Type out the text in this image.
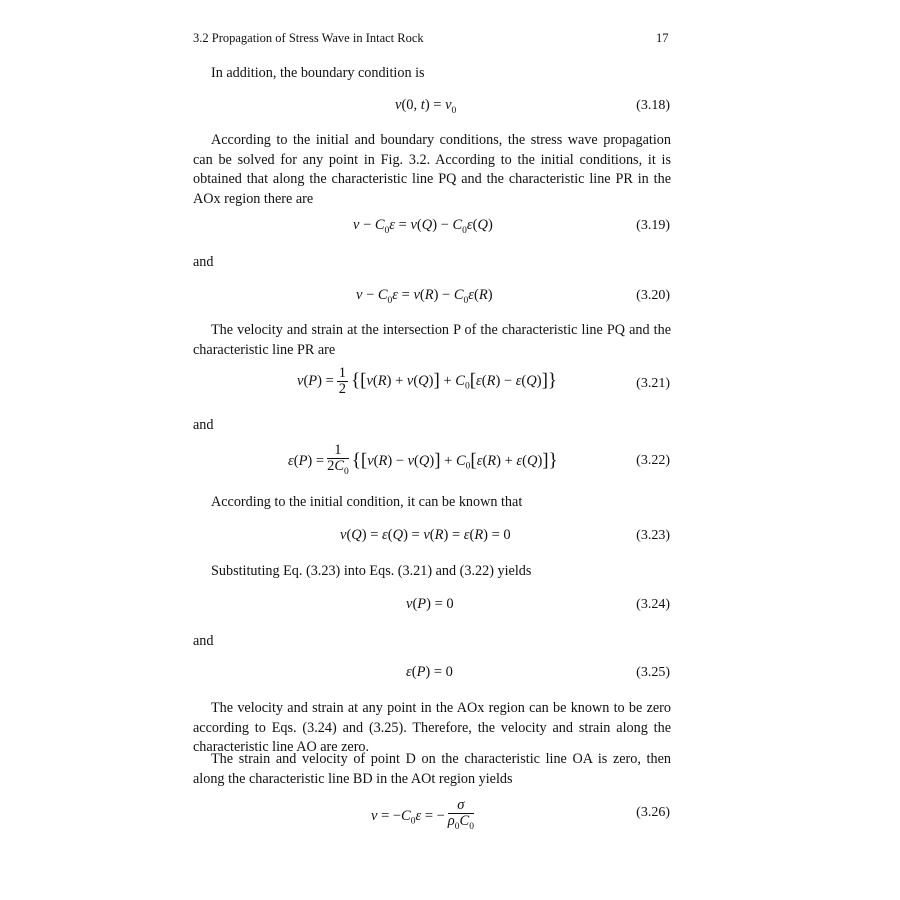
3.2 Propagation of Stress Wave in Intact Rock	17
In addition, the boundary condition is
v(0, $t) = v_0$	(3.18)
According to the initial and boundary conditions, the stress wave propagation can be solved for any point in Fig. 3.2. According to the initial conditions, it is obtained that along the characteristic line PQ and the characteristic line PR in the AOx region there are
$v - C_0\varepsilon = v(Q) - C_0\varepsilon(Q)$	(3.19)
and
$v - C_0\varepsilon = v(R) - C_0\varepsilon(R)$	(3.20)
The velocity and strain at the intersection P of the characteristic line PQ and the characteristic line PR are
$v(P) = \frac{1}{2} \{[v(R) + v(Q)] + C_0[\varepsilon(R) - \varepsilon(Q)]\}$	(3.21)
and
$\varepsilon(P) = \frac{1}{2C_0} \{[v(R) - v(Q)] + C_0[\varepsilon(R) + \varepsilon(Q)]\}$	(3.22)
According to the initial condition, it can be known that
v(Q) = ε(Q) = v(R) = ε(R) = 0	(3.23)
Substituting Eq. (3.23) into Eqs. (3.21) and (3.22) yields
v(P) = 0	(3.24)
and
ε(P) = 0	(3.25)
The velocity and strain at any point in the AOx region can be known to be zero according to Eqs. (3.24) and (3.25). Therefore, the velocity and strain along the characteristic line AO are zero.
The strain and velocity of point D on the characteristic line OA is zero, then along the characteristic line BD in the AOt region yields
$v = -C_0\varepsilon$ = − $\frac{\sigma}{\rho_0C_0}$	(3.26)
